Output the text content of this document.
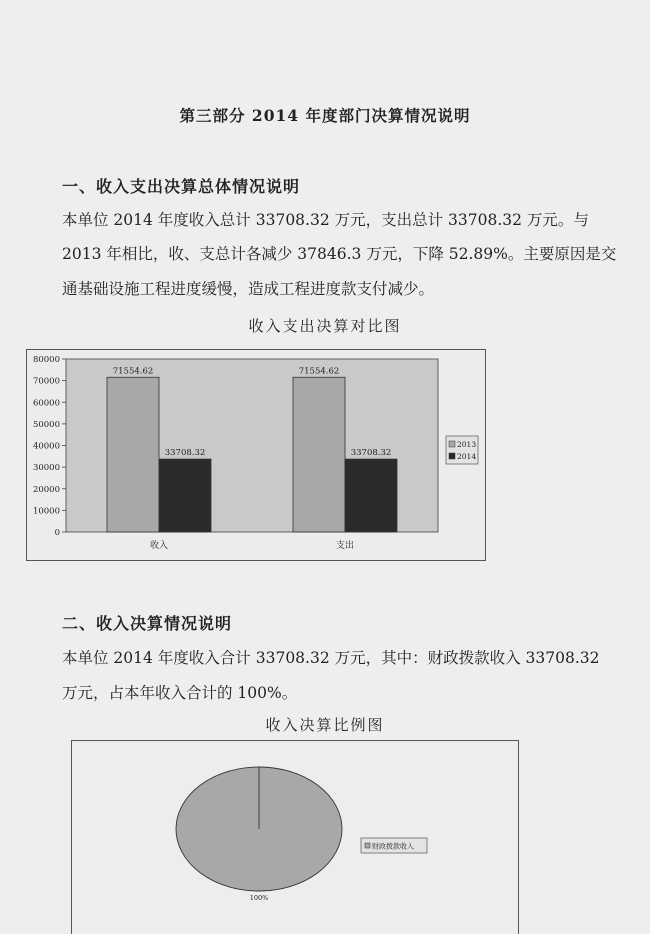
第三部分 2014 年度部门决算情况说明
一、收入支出决算总体情况说明
本单位 2014 年度收入总计 33708.32 万元，支出总计 33708.32 万元。与
2013 年相比，收、支总计各减少 37846.3 万元，下降 52.89%。主要原因是交
通基础设施工程进度缓慢，造成工程进度款支付减少。
收入支出决算对比图
0
10000
20000
30000
40000
50000
60000
70000
80000
收入
71554.62
33708.32
支出
71554.62
33708.32
2013
2014
二、收入决算情况说明
本单位 2014 年度收入合计 33708.32 万元，其中：财政拨款收入 33708.32
万元，占本年收入合计的 100%。
收入决算比例图
100%
财政拨款收入
